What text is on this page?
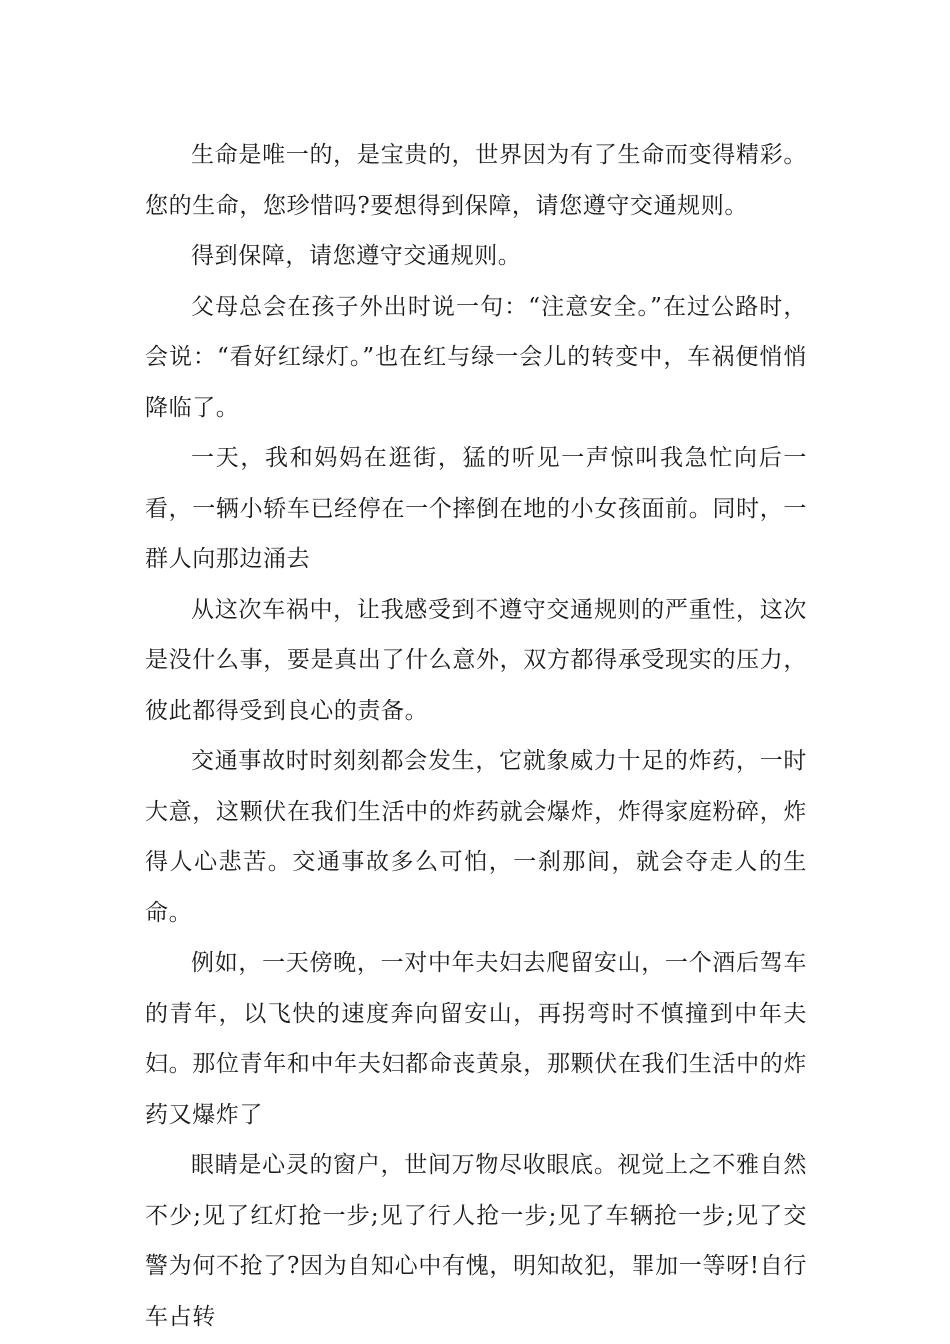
生命是唯一的，是宝贵的，世界因为有了生命而变得精彩。您的生命，您珍惜吗?要想得到保障，请您遵守交通规则。

得到保障，请您遵守交通规则。

父母总会在孩子外出时说一句：“注意安全。”在过公路时，会说：“看好红绿灯。”也在红与绿一会儿的转变中，车祸便悄悄降临了。

一天，我和妈妈在逛街，猛的听见一声惊叫我急忙向后一看，一辆小轿车已经停在一个摔倒在地的小女孩面前。同时，一群人向那边涌去

从这次车祸中，让我感受到不遵守交通规则的严重性，这次是没什么事，要是真出了什么意外，双方都得承受现实的压力，彼此都得受到良心的责备。

交通事故时时刻刻都会发生，它就象威力十足的炸药，一时大意，这颗伏在我们生活中的炸药就会爆炸，炸得家庭粉碎，炸得人心悲苦。交通事故多么可怕，一刹那间，就会夺走人的生命。

例如，一天傍晚，一对中年夫妇去爬留安山，一个酒后驾车的青年，以飞快的速度奔向留安山，再拐弯时不慎撞到中年夫妇。那位青年和中年夫妇都命丧黄泉，那颗伏在我们生活中的炸药又爆炸了

眼睛是心灵的窗户，世间万物尽收眼底。视觉上之不雅自然不少;见了红灯抢一步;见了行人抢一步;见了车辆抢一步;见了交警为何不抢了?因为自知心中有愧，明知故犯，罪加一等呀!自行车占转
